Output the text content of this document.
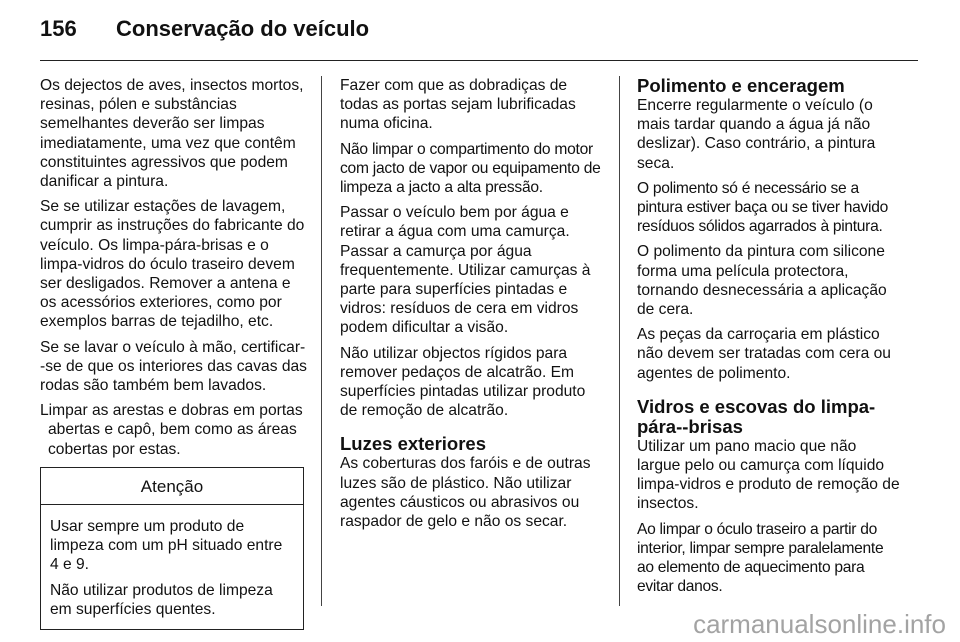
156 Conservação do veículo

Os dejectos de aves, insectos mortos, resinas, pólen e substâncias semelhantes deverão ser limpas imediatamente, uma vez que contêm constituintes agressivos que podem danificar a pintura.

Se se utilizar estações de lavagem, cumprir as instruções do fabricante do veículo. Os limpa-pára-brisas e o limpa-vidros do óculo traseiro devem ser desligados. Remover a antena e os acessórios exteriores, como por exemplos barras de tejadilho, etc.

Se se lavar o veículo à mão, certificar--se de que os interiores das cavas das rodas são também bem lavados.

Limpar as arestas e dobras em portas abertas e capô, bem como as áreas cobertas por estas.

Atenção

Usar sempre um produto de limpeza com um pH situado entre 4 e 9.

Não utilizar produtos de limpeza em superfícies quentes.

Fazer com que as dobradiças de todas as portas sejam lubrificadas numa oficina.

Não limpar o compartimento do motor com jacto de vapor ou equipamento de limpeza a jacto a alta pressão.

Passar o veículo bem por água e retirar a água com uma camurça. Passar a camurça por água frequentemente. Utilizar camurças à parte para superfícies pintadas e vidros: resíduos de cera em vidros podem dificultar a visão.

Não utilizar objectos rígidos para remover pedaços de alcatrão. Em superfícies pintadas utilizar produto de remoção de alcatrão.

Luzes exteriores

As coberturas dos faróis e de outras luzes são de plástico. Não utilizar agentes cáusticos ou abrasivos ou raspador de gelo e não os secar.

Polimento e enceragem

Encerre regularmente o veículo (o mais tardar quando a água já não deslizar). Caso contrário, a pintura seca.

O polimento só é necessário se a pintura estiver baça ou se tiver havido resíduos sólidos agarrados à pintura.

O polimento da pintura com silicone forma uma película protectora, tornando desnecessária a aplicação de cera.

As peças da carroçaria em plástico não devem ser tratadas com cera ou agentes de polimento.

Vidros e escovas do limpa-pára--brisas

Utilizar um pano macio que não largue pelo ou camurça com líquido limpa-vidros e produto de remoção de insectos.

Ao limpar o óculo traseiro a partir do interior, limpar sempre paralelamente ao elemento de aquecimento para evitar danos.

carmanualsonline.info
